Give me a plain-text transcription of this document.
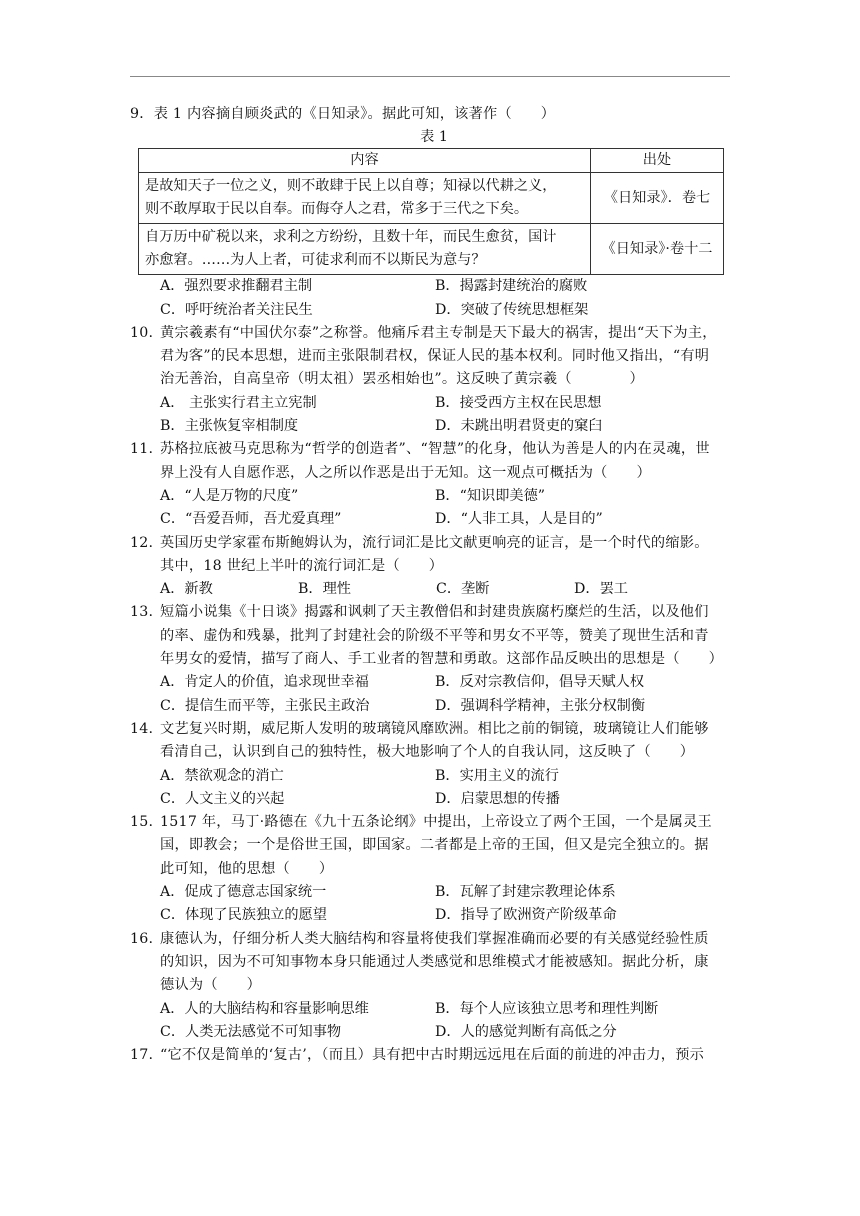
9．表 1 内容摘自顾炎武的《日知录》。据此可知，该著作（　　）
表 1
内容	出处

是故知天子一位之义，则不敢肆于民上以自尊；知禄以代耕之义，
则不敢厚取于民以自奉。而侮夺人之君，常多于三代之下矣。	《日知录》．卷七

自万历中矿税以来，求利之方纷纷，且数十年，而民生愈贫，国计
亦愈窘。……为人上者，可徒求利而不以斯民为意与？	《日知录》·卷十二
A．强烈要求推翻君主制	B．揭露封建统治的腐败
C．呼吁统治者关注民生	D．突破了传统思想框架
10. 黄宗羲素有“中国伏尔泰”之称誉。他痛斥君主专制是天下最大的祸害，提出“天下为主，
君为客”的民本思想，进而主张限制君权，保证人民的基本权利。同时他又指出，“有明
治无善治，自高皇帝（明太祖）罢丞相始也”。这反映了黄宗羲（　　　　）
A． 主张实行君主立宪制	B．接受西方主权在民思想
B．主张恢复宰相制度	D．未跳出明君贤吏的窠臼
11. 苏格拉底被马克思称为“哲学的创造者”、“智慧”的化身，他认为善是人的内在灵魂，世
界上没有人自愿作恶，人之所以作恶是出于无知。这一观点可概括为（　　）
A．“人是万物的尺度”	B．“知识即美德”
C．“吾爱吾师，吾尤爱真理”	D．“人非工具，人是目的”
12. 英国历史学家霍布斯鲍姆认为，流行词汇是比文献更响亮的证言，是一个时代的缩影。
其中，18 世纪上半叶的流行词汇是（　　）
A．新教	B．理性	C．垄断	D．罢工
13. 短篇小说集《十日谈》揭露和讽刺了天主教僧侣和封建贵族腐朽糜烂的生活，以及他们
的率、虚伪和残暴，批判了封建社会的阶级不平等和男女不平等，赞美了现世生活和青
年男女的爱情，描写了商人、手工业者的智慧和勇敢。这部作品反映出的思想是（　　）
A．肯定人的价值，追求现世幸福	B．反对宗教信仰，倡导天赋人权
C．提信生而平等，主张民主政治	D．强调科学精神，主张分权制衡
14. 文艺复兴时期，威尼斯人发明的玻璃镜风靡欧洲。相比之前的铜镜，玻璃镜让人们能够
看清自己，认识到自己的独特性，极大地影响了个人的自我认同，这反映了（　　）
A．禁欲观念的消亡	B．实用主义的流行
C．人文主义的兴起	D．启蒙思想的传播
15. 1517 年，马丁·路德在《九十五条论纲》中提出，上帝设立了两个王国，一个是属灵王
国，即教会；一个是俗世王国，即国家。二者都是上帝的王国，但又是完全独立的。据
此可知，他的思想（　　）
A．促成了德意志国家统一	B．瓦解了封建宗教理论体系
C．体现了民族独立的愿望	D．指导了欧洲资产阶级革命
16. 康德认为，仔细分析人类大脑结构和容量将使我们掌握准确而必要的有关感觉经验性质
的知识，因为不可知事物本身只能通过人类感觉和思维模式才能被感知。据此分析，康
德认为（　　）
A．人的大脑结构和容量影响思维	B．每个人应该独立思考和理性判断
C．人类无法感觉不可知事物	D．人的感觉判断有高低之分
17. “它不仅是简单的‘复古’，（而且）具有把中古时期远远甩在后面的前进的冲击力，预示
